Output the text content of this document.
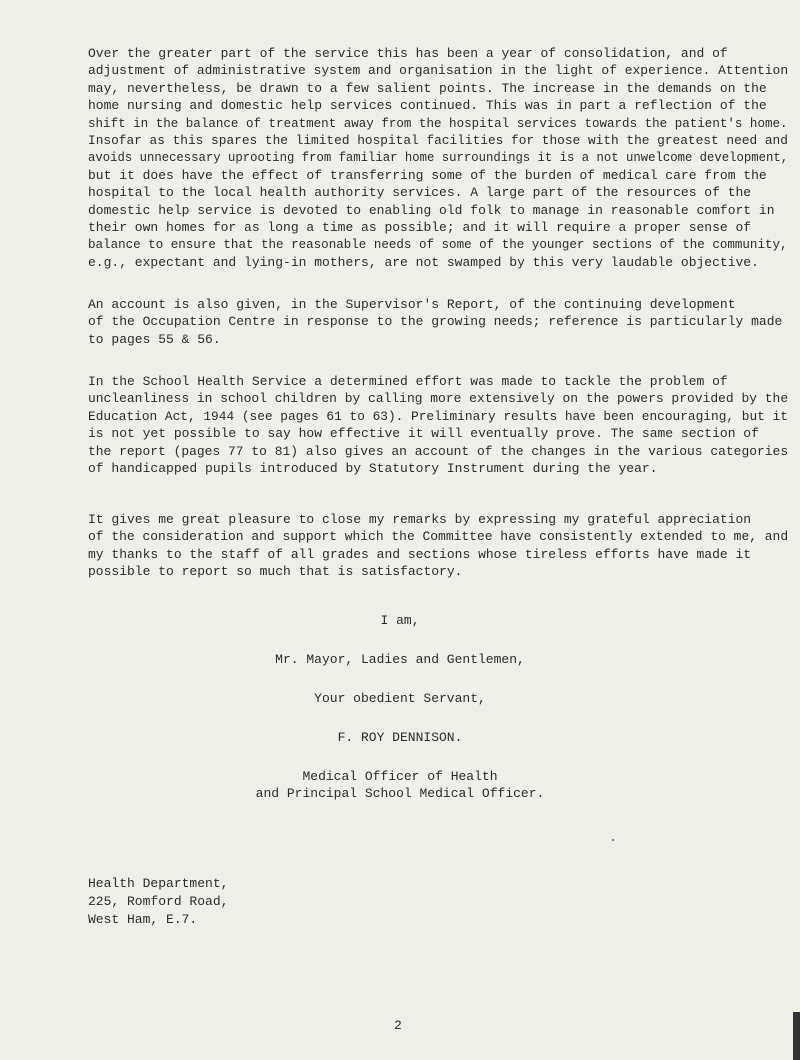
Over the greater part of the service this has been a year of consolidation, and of
adjustment of administrative system and organisation in the light of experience. Attention
may, nevertheless, be drawn to a few salient points. The increase in the demands on the
home nursing and domestic help services continued. This was in part a reflection of the
shift in the balance of treatment away from the hospital services towards the patient's home.
Insofar as this spares the limited hospital facilities for those with the greatest need and
avoids unnecessary uprooting from familiar home surroundings it is a not unwelcome development,
but it does have the effect of transferring some of the burden of medical care from the
hospital to the local health authority services. A large part of the resources of the
domestic help service is devoted to enabling old folk to manage in reasonable comfort in
their own homes for as long a time as possible; and it will require a proper sense of
balance to ensure that the reasonable needs of some of the younger sections of the community,
e.g., expectant and lying-in mothers, are not swamped by this very laudable objective.
An account is also given, in the Supervisor's Report, of the continuing development
of the Occupation Centre in response to the growing needs; reference is particularly made
to pages 55 & 56.
In the School Health Service a determined effort was made to tackle the problem of
uncleanliness in school children by calling more extensively on the powers provided by the
Education Act, 1944 (see pages 61 to 63). Preliminary results have been encouraging, but it
is not yet possible to say how effective it will eventually prove. The same section of
the report (pages 77 to 81) also gives an account of the changes in the various categories
of handicapped pupils introduced by Statutory Instrument during the year.
It gives me great pleasure to close my remarks by expressing my grateful appreciation
of the consideration and support which the Committee have consistently extended to me, and
my thanks to the staff of all grades and sections whose tireless efforts have made it
possible to report so much that is satisfactory.
I am,
Mr. Mayor, Ladies and Gentlemen,
Your obedient Servant,
F. ROY DENNISON.
Medical Officer of Health
and Principal School Medical Officer.
Health Department,
225, Romford Road,
West Ham, E.7.
2
